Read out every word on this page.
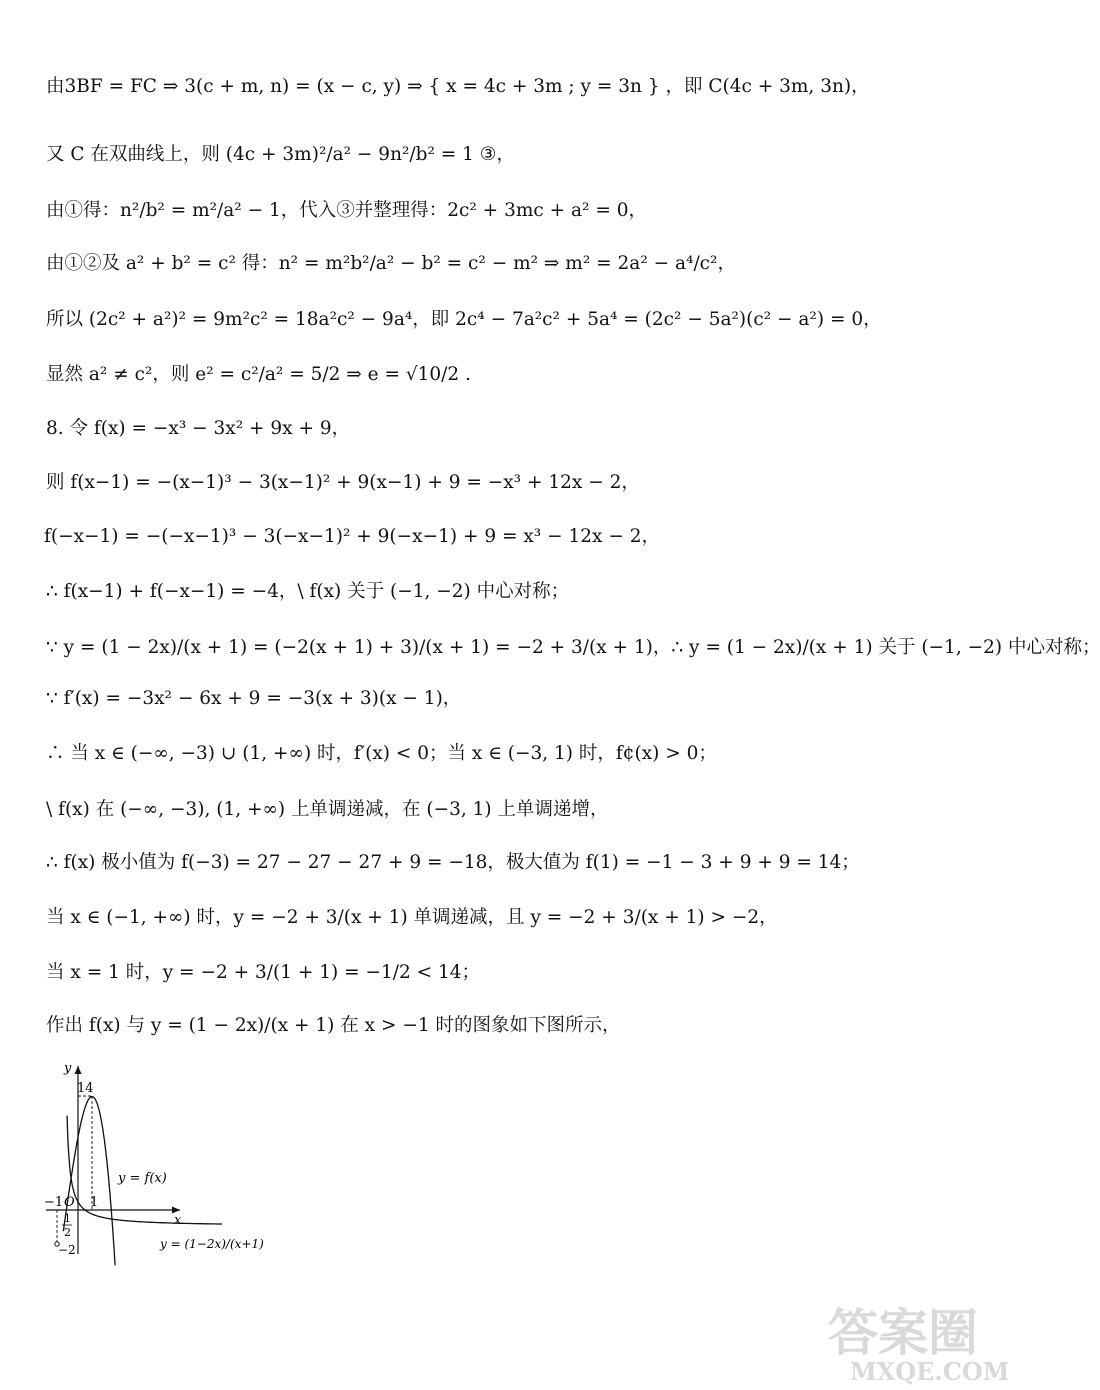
由3BF = FC ⇒ 3(c + m, n) = (x − c, y) ⇒ { x = 4c + 3m ; y = 3n } ，即 C(4c + 3m, 3n)，
又 C 在双曲线上，则 (4c + 3m)²/a² − 9n²/b² = 1 ③，
由①得：n²/b² = m²/a² − 1，代入③并整理得：2c² + 3mc + a² = 0，
由①②及 a² + b² = c² 得：n² = m²b²/a² − b² = c² − m² ⇒ m² = 2a² − a⁴/c²，
所以 (2c² + a²)² = 9m²c² = 18a²c² − 9a⁴，即 2c⁴ − 7a²c² + 5a⁴ = (2c² − 5a²)(c² − a²) = 0，
显然 a² ≠ c²，则 e² = c²/a² = 5/2 ⇒ e = √10/2 .
8. 令 f(x) = −x³ − 3x² + 9x + 9，
则 f(x−1) = −(x−1)³ − 3(x−1)² + 9(x−1) + 9 = −x³ + 12x − 2，
f(−x−1) = −(−x−1)³ − 3(−x−1)² + 9(−x−1) + 9 = x³ − 12x − 2，
∴ f(x−1) + f(−x−1) = −4，\ f(x) 关于 (−1, −2) 中心对称；
∵ y = (1 − 2x)/(x + 1) = (−2(x + 1) + 3)/(x + 1) = −2 + 3/(x + 1)，∴ y = (1 − 2x)/(x + 1) 关于 (−1, −2) 中心对称；
∵ f′(x) = −3x² − 6x + 9 = −3(x + 3)(x − 1)，
∴ 当 x ∈ (−∞, −3) ∪ (1, +∞) 时，f′(x) < 0；当 x ∈ (−3, 1) 时，f¢(x) > 0；
\ f(x) 在 (−∞, −3), (1, +∞) 上单调递减，在 (−3, 1) 上单调递增，
∴ f(x) 极小值为 f(−3) = 27 − 27 − 27 + 9 = −18，极大值为 f(1) = −1 − 3 + 9 + 9 = 14；
当 x ∈ (−1, +∞) 时，y = −2 + 3/(x + 1) 单调递减，且 y = −2 + 3/(x + 1) > −2，
当 x = 1 时，y = −2 + 3/(1 + 1) = −1/2 < 14；
作出 f(x) 与 y = (1 − 2x)/(x + 1) 在 x > −1 时的图象如下图所示，
y
x
14
O
−1 1
1
2
−2
y = f(x)
y = (1−2x)/(x+1)
答案圈
MXQE.COM
